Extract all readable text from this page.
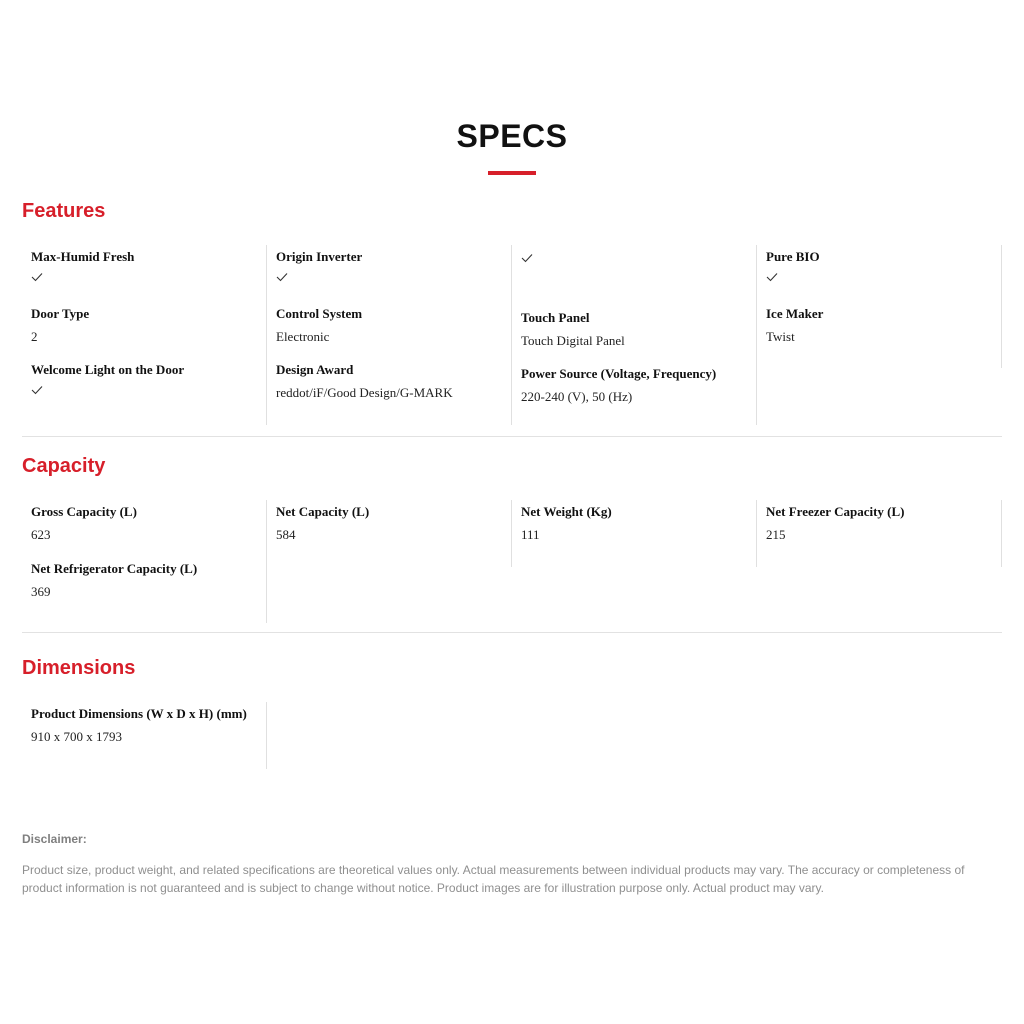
SPECS
Features
Max-Humid Fresh
Door Type
2
Welcome Light on the Door
Origin Inverter
Control System
Electronic
Design Award
reddot/iF/Good Design/G-MARK
Touch Panel
Touch Digital Panel
Power Source (Voltage, Frequency)
220-240 (V), 50 (Hz)
Pure BIO
Ice Maker
Twist
Capacity
Gross Capacity (L)
623
Net Refrigerator Capacity (L)
369
Net Capacity (L)
584
Net Weight (Kg)
111
Net Freezer Capacity (L)
215
Dimensions
Product Dimensions (W x D x H) (mm)
910 x 700 x 1793
Disclaimer:
Product size, product weight, and related specifications are theoretical values only. Actual measurements between individual products may vary. The accuracy or completeness of product information is not guaranteed and is subject to change without notice. Product images are for illustration purpose only. Actual product may vary.
